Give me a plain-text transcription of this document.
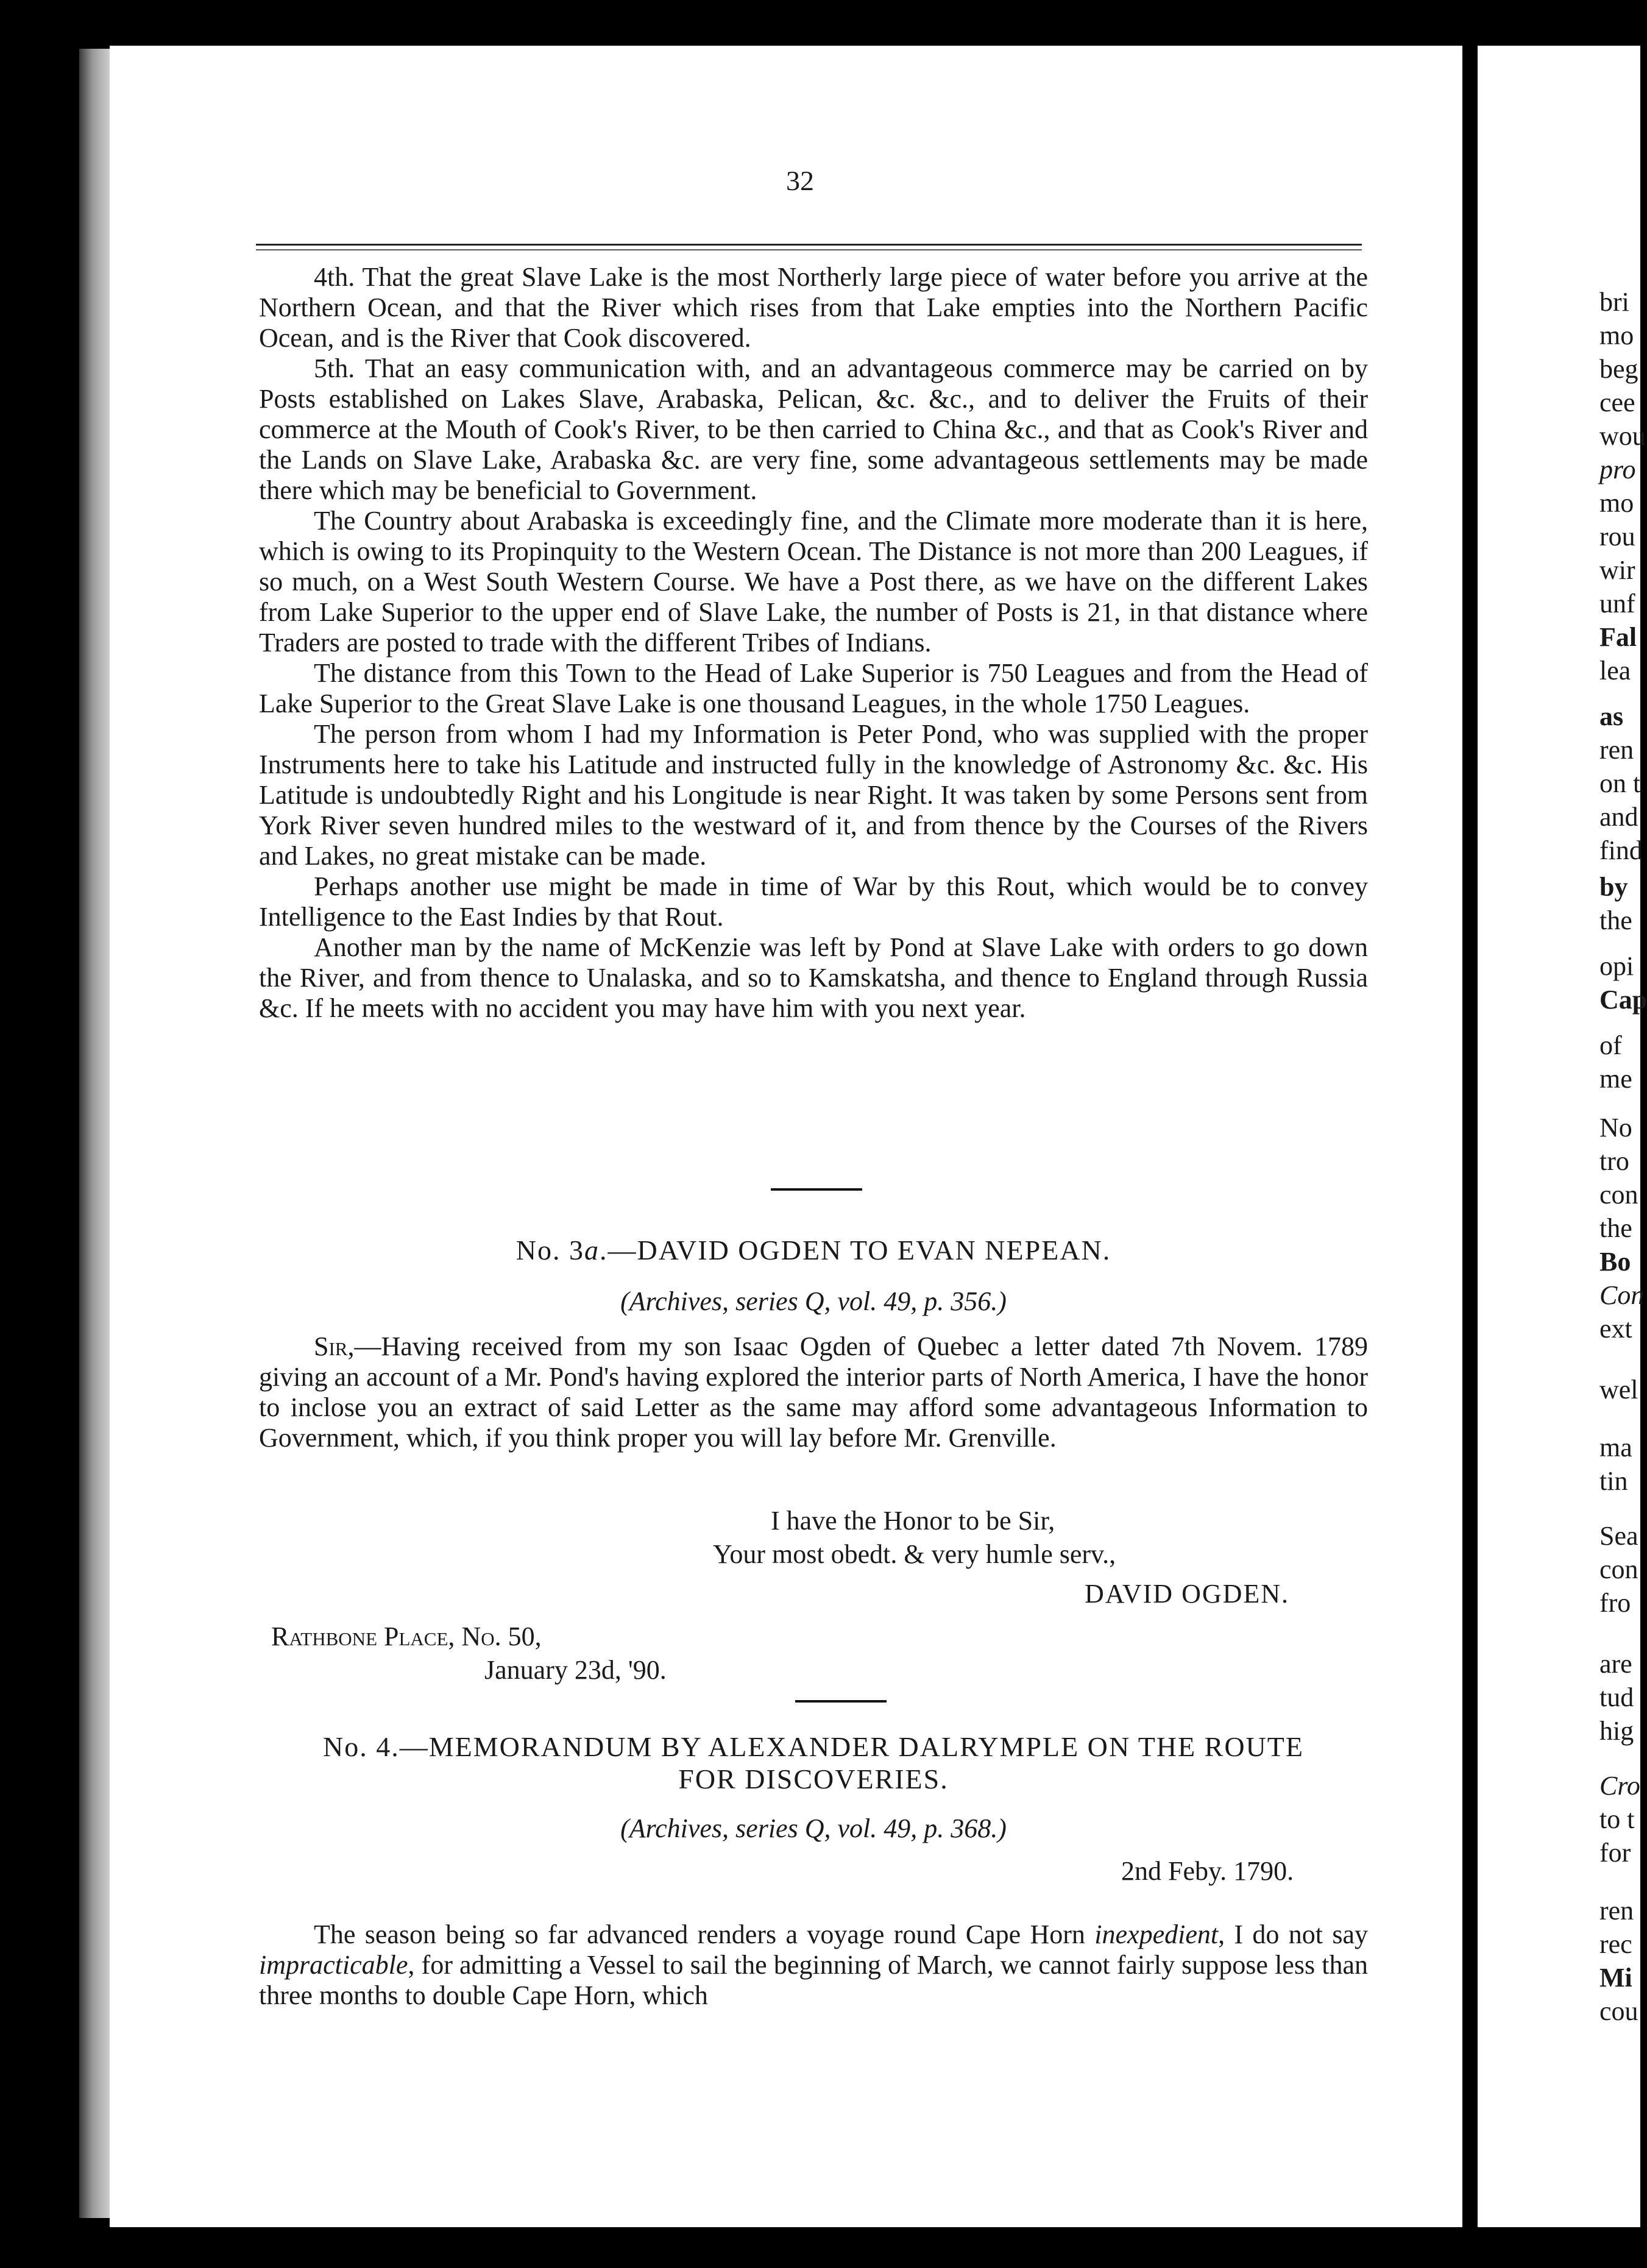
32

4th. That the great Slave Lake is the most Northerly large piece of water before you arrive at the Northern Ocean, and that the River which rises from that Lake empties into the Northern Pacific Ocean, and is the River that Cook discovered.

5th. That an easy communication with, and an advantageous commerce may be carried on by Posts established on Lakes Slave, Arabaska, Pelican, &c. &c., and to deliver the Fruits of their commerce at the Mouth of Cook's River, to be then carried to China &c., and that as Cook's River and the Lands on Slave Lake, Arabaska &c. are very fine, some advantageous settlements may be made there which may be beneficial to Government.

The Country about Arabaska is exceedingly fine, and the Climate more moderate than it is here, which is owing to its Propinquity to the Western Ocean. The Distance is not more than 200 Leagues, if so much, on a West South Western Course. We have a Post there, as we have on the different Lakes from Lake Superior to the upper end of Slave Lake, the number of Posts is 21, in that distance where Traders are posted to trade with the different Tribes of Indians.

The distance from this Town to the Head of Lake Superior is 750 Leagues and from the Head of Lake Superior to the Great Slave Lake is one thousand Leagues, in the whole 1750 Leagues.

The person from whom I had my Information is Peter Pond, who was supplied with the proper Instruments here to take his Latitude and instructed fully in the knowledge of Astronomy &c. &c. His Latitude is undoubtedly Right and his Longitude is near Right. It was taken by some Persons sent from York River seven hundred miles to the westward of it, and from thence by the Courses of the Rivers and Lakes, no great mistake can be made.

Perhaps another use might be made in time of War by this Rout, which would be to convey Intelligence to the East Indies by that Rout.

Another man by the name of McKenzie was left by Pond at Slave Lake with orders to go down the River, and from thence to Unalaska, and so to Kamskatsha, and thence to England through Russia &c. If he meets with no accident you may have him with you next year.

No. 3a.—DAVID OGDEN TO EVAN NEPEAN.
(Archives, series Q, vol. 49, p. 356.)

Sir,—Having received from my son Isaac Ogden of Quebec a letter dated 7th Novem. 1789 giving an account of a Mr. Pond's having explored the interior parts of North America, I have the honor to inclose you an extract of said Letter as the same may afford some advantageous Information to Government, which, if you think proper you will lay before Mr. Grenville.

I have the Honor to be Sir,
Your most obedt. & very humle serv.,
DAVID OGDEN.
Rathbone Place, No. 50,
January 23d, '90.
No. 4.—MEMORANDUM BY ALEXANDER DALRYMPLE ON THE ROUTE
FOR DISCOVERIES.
(Archives, series Q, vol. 49, p. 368.)
2nd Feby. 1790.

The season being so far advanced renders a voyage round Cape Horn inexpedient, I do not say impracticable, for admitting a Vessel to sail the beginning of March, we cannot fairly suppose less than three months to double Cape Horn, which

bri
mo
beg
cee
wou
pro
mo
rou
wir
unf
Fal
lea
as
ren
on t
and
find
by
the
opi
Cap
of
me
No
tro
con
the
Bo
Con
ext
wel
ma
tin
Sea
con
fro
are
tud
hig
Cro
to t
for
ren
rec
Mi
cou
